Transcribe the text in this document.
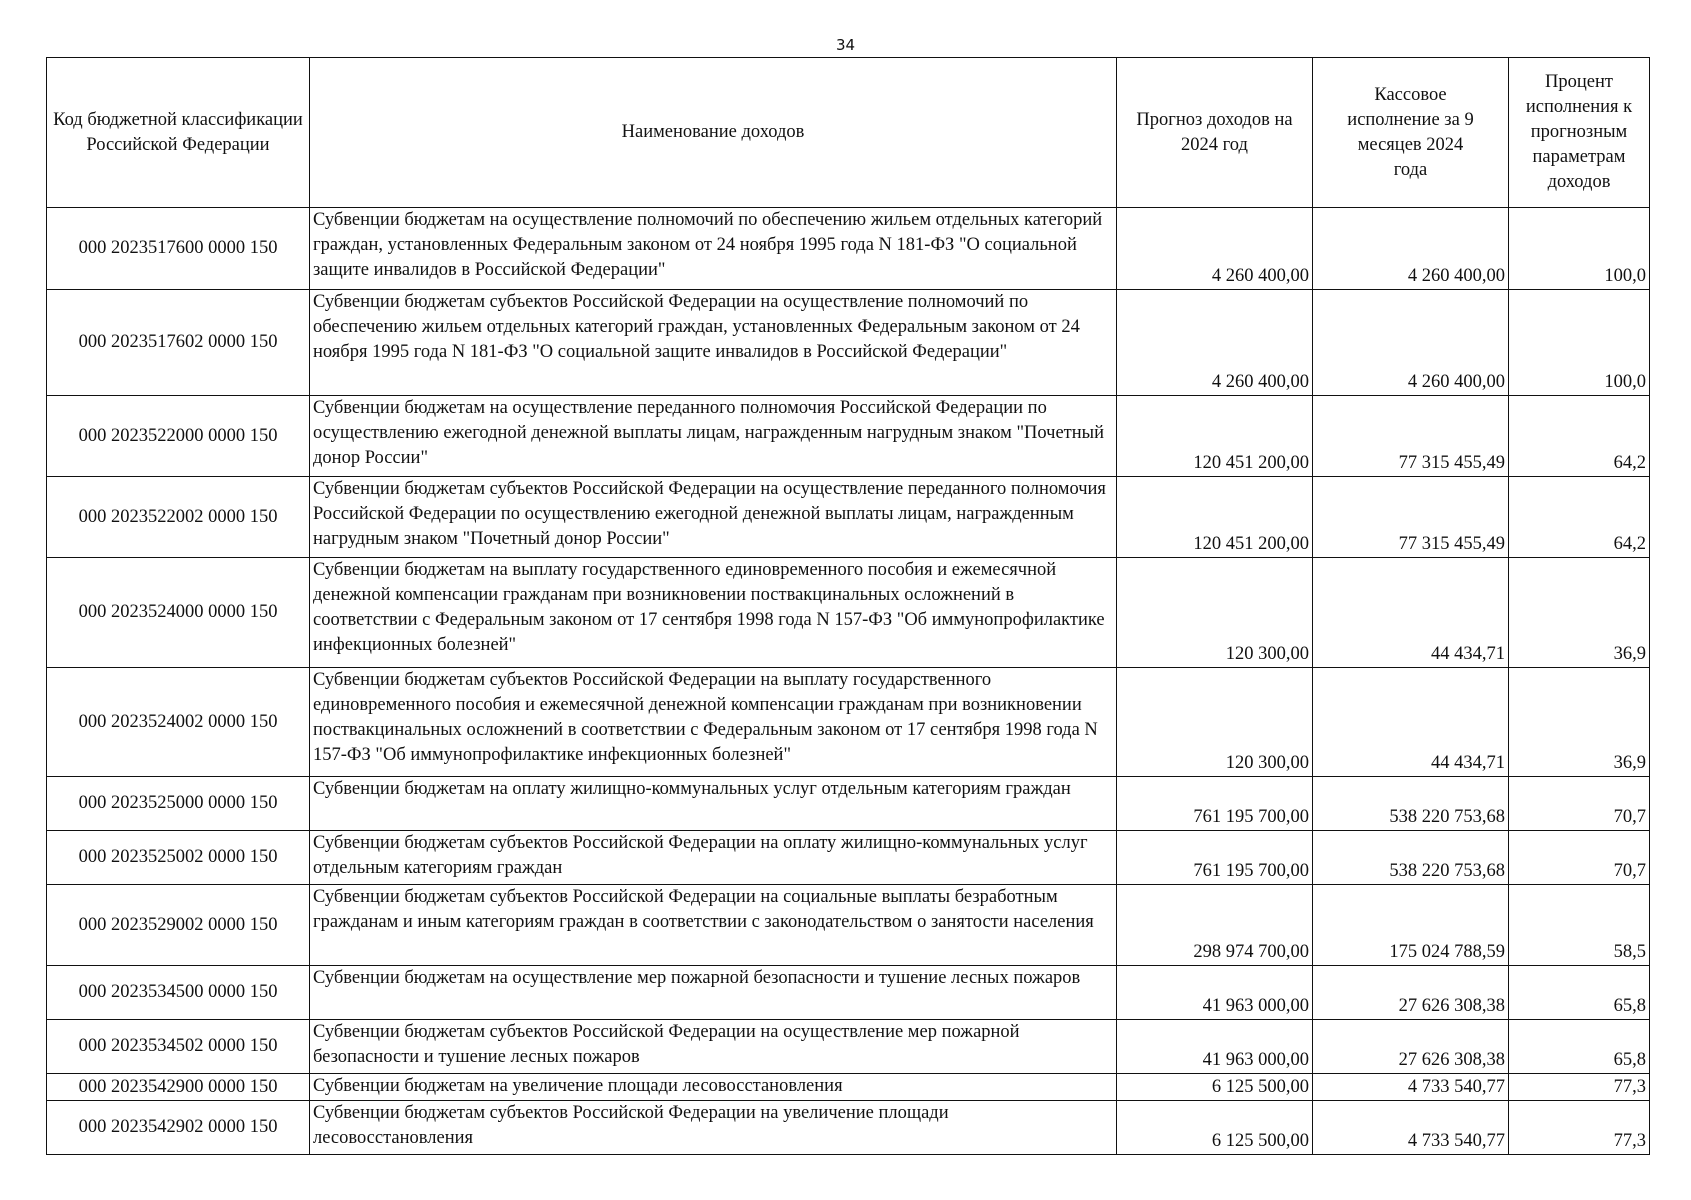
34
Код бюджетной классификации Российской Федерации	Наименование доходов	Прогноз доходов на 2024 год	Кассовое исполнение за 9 месяцев 2024 года	Процент исполнения к прогнозным параметрам доходов
000 2023517600 0000 150	Субвенции бюджетам на осуществление полномочий по обеспечению жильем отдельных категорий граждан, установленных Федеральным законом от 24 ноября 1995 года N 181-ФЗ "О социальной защите инвалидов в Российской Федерации"	4 260 400,00	4 260 400,00	100,0
000 2023517602 0000 150	Субвенции бюджетам субъектов Российской Федерации на осуществление полномочий по обеспечению жильем отдельных категорий граждан, установленных Федеральным законом от 24 ноября 1995 года N 181-ФЗ "О социальной защите инвалидов в Российской Федерации"	4 260 400,00	4 260 400,00	100,0
000 2023522000 0000 150	Субвенции бюджетам на осуществление переданного полномочия Российской Федерации по осуществлению ежегодной денежной выплаты лицам, награжденным нагрудным знаком "Почетный донор России"	120 451 200,00	77 315 455,49	64,2
000 2023522002 0000 150	Субвенции бюджетам субъектов Российской Федерации на осуществление переданного полномочия Российской Федерации по осуществлению ежегодной денежной выплаты лицам, награжденным нагрудным знаком "Почетный донор России"	120 451 200,00	77 315 455,49	64,2
000 2023524000 0000 150	Субвенции бюджетам на выплату государственного единовременного пособия и ежемесячной денежной компенсации гражданам при возникновении поствакцинальных осложнений в соответствии с Федеральным законом от 17 сентября 1998 года N 157-ФЗ "Об иммунопрофилактике инфекционных болезней"	120 300,00	44 434,71	36,9
000 2023524002 0000 150	Субвенции бюджетам субъектов Российской Федерации на выплату государственного единовременного пособия и ежемесячной денежной компенсации гражданам при возникновении поствакцинальных осложнений в соответствии с Федеральным законом от 17 сентября 1998 года N 157-ФЗ "Об иммунопрофилактике инфекционных болезней"	120 300,00	44 434,71	36,9
000 2023525000 0000 150	Субвенции бюджетам на оплату жилищно-коммунальных услуг отдельным категориям граждан	761 195 700,00	538 220 753,68	70,7
000 2023525002 0000 150	Субвенции бюджетам субъектов Российской Федерации на оплату жилищно-коммунальных услуг отдельным категориям граждан	761 195 700,00	538 220 753,68	70,7
000 2023529002 0000 150	Субвенции бюджетам субъектов Российской Федерации на социальные выплаты безработным гражданам и иным категориям граждан в соответствии с законодательством о занятости населения	298 974 700,00	175 024 788,59	58,5
000 2023534500 0000 150	Субвенции бюджетам на осуществление мер пожарной безопасности и тушение лесных пожаров	41 963 000,00	27 626 308,38	65,8
000 2023534502 0000 150	Субвенции бюджетам субъектов Российской Федерации на осуществление мер пожарной безопасности и тушение лесных пожаров	41 963 000,00	27 626 308,38	65,8
000 2023542900 0000 150	Субвенции бюджетам на увеличение площади лесовосстановления	6 125 500,00	4 733 540,77	77,3
000 2023542902 0000 150	Субвенции бюджетам субъектов Российской Федерации на увеличение площади лесовосстановления	6 125 500,00	4 733 540,77	77,3
